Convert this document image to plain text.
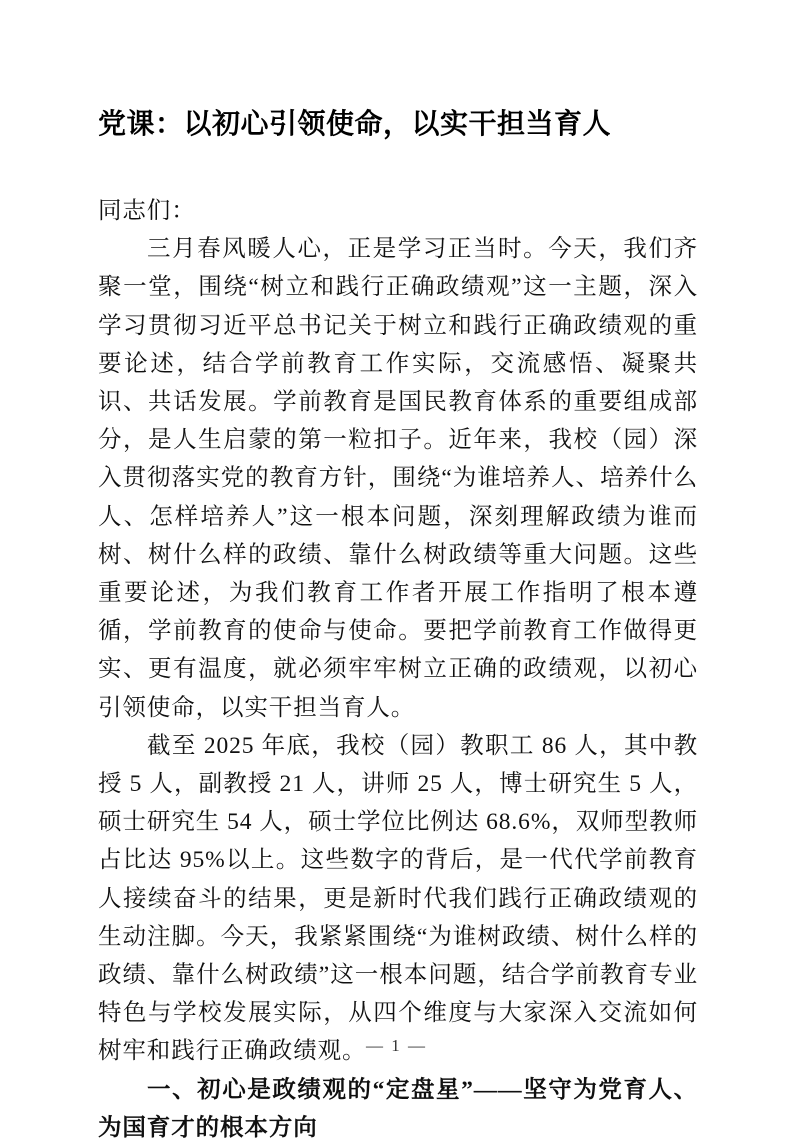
党课：以初心引领使命，以实干担当育人

同志们：

三月春风暖人心，正是学习正当时。今天，我们齐聚一堂，围绕“树立和践行正确政绩观”这一主题，深入学习贯彻习近平总书记关于树立和践行正确政绩观的重要论述，结合学前教育工作实际，交流感悟、凝聚共识、共话发展。学前教育是国民教育体系的重要组成部分，是人生启蒙的第一粒扣子。近年来，我校（园）深入贯彻落实党的教育方针，围绕“为谁培养人、培养什么人、怎样培养人”这一根本问题，深刻理解政绩为谁而树、树什么样的政绩、靠什么树政绩等重大问题。这些重要论述，为我们教育工作者开展工作指明了根本遵循，学前教育的使命与使命。要把学前教育工作做得更实、更有温度，就必须牢牢树立正确的政绩观，以初心引领使命，以实干担当育人。

截至 2025 年底，我校（园）教职工 86 人，其中教授 5 人，副教授 21 人，讲师 25 人，博士研究生 5 人，硕士研究生 54 人，硕士学位比例达 68.6%，双师型教师占比达 95%以上。这些数字的背后，是一代代学前教育人接续奋斗的结果，更是新时代我们践行正确政绩观的生动注脚。今天，我紧紧围绕“为谁树政绩、树什么样的政绩、靠什么树政绩”这一根本问题，结合学前教育专业特色与学校发展实际，从四个维度与大家深入交流如何树牢和践行正确政绩观。

一、初心是政绩观的“定盘星”——坚守为党育人、为国育才的根本方向

— 1 —
